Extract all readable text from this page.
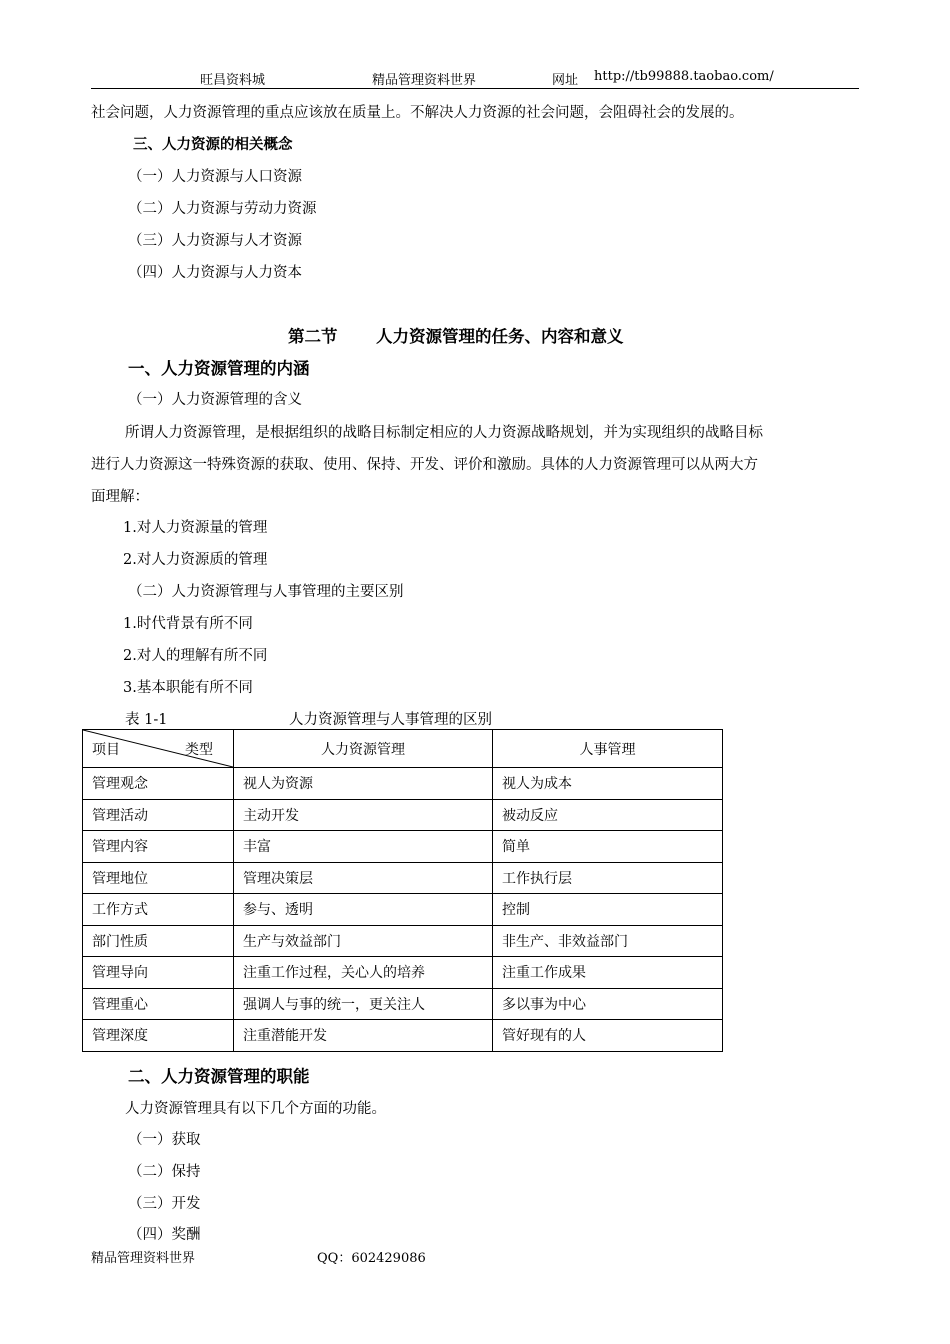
旺昌资料城	精品管理资料世界	网址 http://tb99888.taobao.com/
社会问题，人力资源管理的重点应该放在质量上。不解决人力资源的社会问题，会阻碍社会的发展的。
三、人力资源的相关概念
（一）人力资源与人口资源
（二）人力资源与劳动力资源
（三）人力资源与人才资源
（四）人力资源与人力资本
第二节 人力资源管理的任务、内容和意义
一、人力资源管理的内涵
（一）人力资源管理的含义
所谓人力资源管理，是根据组织的战略目标制定相应的人力资源战略规划，并为实现组织的战略目标
进行人力资源这一特殊资源的获取、使用、保持、开发、评价和激励。具体的人力资源管理可以从两大方
面理解：
1.对人力资源量的管理
2.对人力资源质的管理
（二）人力资源管理与人事管理的主要区别
1.时代背景有所不同
2.对人的理解有所不同
3.基本职能有所不同
表 1-1	人力资源管理与人事管理的区别
项目 类型	人力资源管理	人事管理
管理观念	视人为资源	视人为成本
管理活动	主动开发	被动反应
管理内容	丰富	简单
管理地位	管理决策层	工作执行层
工作方式	参与、透明	控制
部门性质	生产与效益部门	非生产、非效益部门
管理导向	注重工作过程，关心人的培养	注重工作成果
管理重心	强调人与事的统一，更关注人	多以事为中心
管理深度	注重潜能开发	管好现有的人
二、人力资源管理的职能
人力资源管理具有以下几个方面的功能。
（一）获取
（二）保持
（三）开发
（四）奖酬
精品管理资料世界	QQ：602429086
